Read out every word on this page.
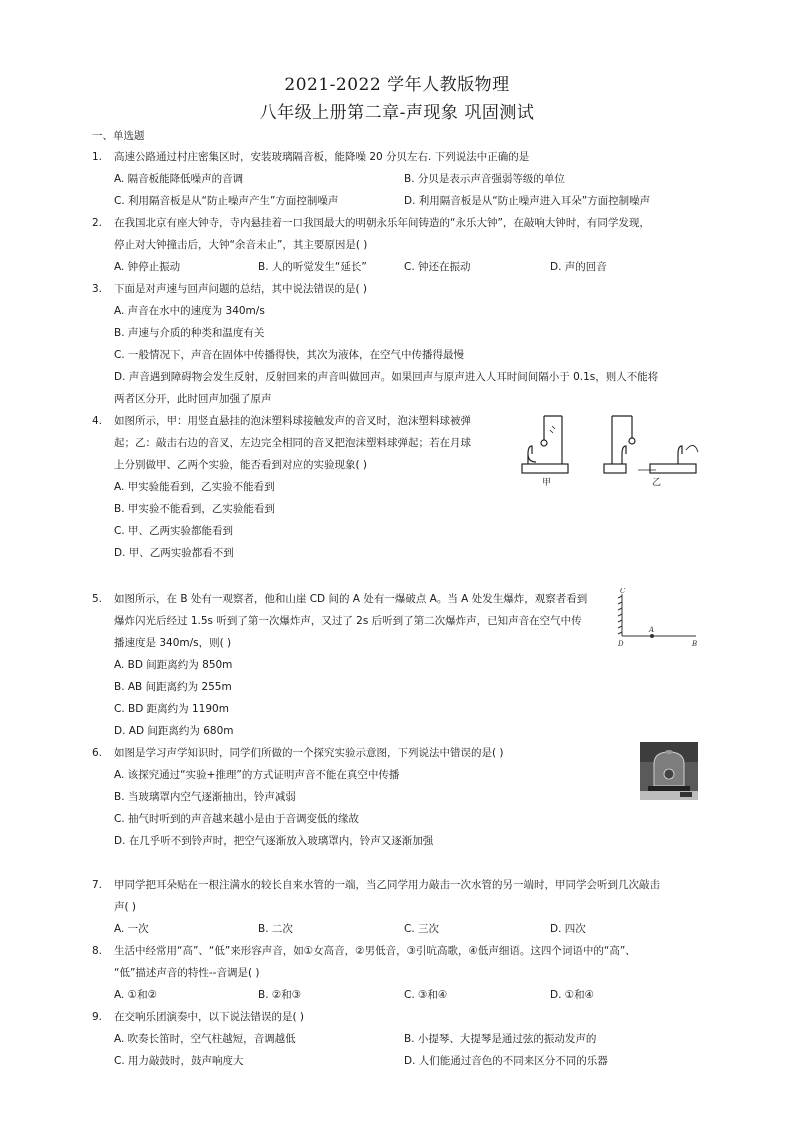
2021-2022 学年人教版物理
八年级上册第二章-声现象 巩固测试
一、单选题
1. 高速公路通过村庄密集区时，安装玻璃隔音板，能降噪 20 分贝左右. 下列说法中正确的是
A. 隔音板能降低噪声的音调	B. 分贝是表示声音强弱等级的单位
C. 利用隔音板是从“防止噪声产生”方面控制噪声	D. 利用隔音板是从“防止噪声进入耳朵”方面控制噪声
2. 在我国北京有座大钟寺，寺内悬挂着一口我国最大的明朝永乐年间铸造的“永乐大钟”，在敲响大钟时，有同学发现，
停止对大钟撞击后，大钟“余音未止”，其主要原因是( )
A. 钟停止振动	B. 人的听觉发生“延长”	C. 钟还在振动	D. 声的回音
3. 下面是对声速与回声问题的总结，其中说法错误的是( )
A. 声音在水中的速度为 340m/s
B. 声速与介质的种类和温度有关
C. 一般情况下，声音在固体中传播得快，其次为液体，在空气中传播得最慢
D. 声音遇到障碍物会发生反射，反射回来的声音叫做回声。如果回声与原声进入人耳时间间隔小于 0.1s，则人不能将
两者区分开，此时回声加强了原声
4. 如图所示，甲：用竖直悬挂的泡沫塑料球接触发声的音叉时，泡沫塑料球被弹
起；乙：敲击右边的音叉，左边完全相同的音叉把泡沫塑料球弹起；若在月球
上分别做甲、乙两个实验，能否看到对应的实验现象( )
A. 甲实验能看到，乙实验不能看到
B. 甲实验不能看到，乙实验能看到
C. 甲、乙两实验都能看到
D. 甲、乙两实验都看不到
甲	乙
5. 如图所示，在 B 处有一观察者，他和山崖 CD 间的 A 处有一爆破点 A。当 A 处发生爆炸，观察者看到
爆炸闪光后经过 1.5s 听到了第一次爆炸声，又过了 2s 后听到了第二次爆炸声，已知声音在空气中传
播速度是 340m/s，则( )
A. BD 间距离约为 850m
B. AB 间距离约为 255m
C. BD 距离约为 1190m
D. AD 间距离约为 680m
C
D
A
B
6. 如图是学习声学知识时，同学们所做的一个探究实验示意图，下列说法中错误的是( )
A. 该探究通过“实验+推理”的方式证明声音不能在真空中传播
B. 当玻璃罩内空气逐渐抽出，铃声减弱
C. 抽气时听到的声音越来越小是由于音调变低的缘故
D. 在几乎听不到铃声时，把空气逐渐放入玻璃罩内，铃声又逐渐加强
7. 甲同学把耳朵贴在一根注满水的较长自来水管的一端，当乙同学用力敲击一次水管的另一端时，甲同学会听到几次敲击
声( )
A. 一次	B. 二次	C. 三次	D. 四次
8. 生活中经常用“高”、“低”来形容声音，如①女高音，②男低音，③引吭高歌，④低声细语。这四个词语中的“高”、
“低”描述声音的特性--音调是( )
A. ①和②	B. ②和③	C. ③和④	D. ①和④
9. 在交响乐团演奏中，以下说法错误的是( )
A. 吹奏长笛时，空气柱越短，音调越低	B. 小提琴、大提琴是通过弦的振动发声的
C. 用力敲鼓时，鼓声响度大	D. 人们能通过音色的不同来区分不同的乐器
